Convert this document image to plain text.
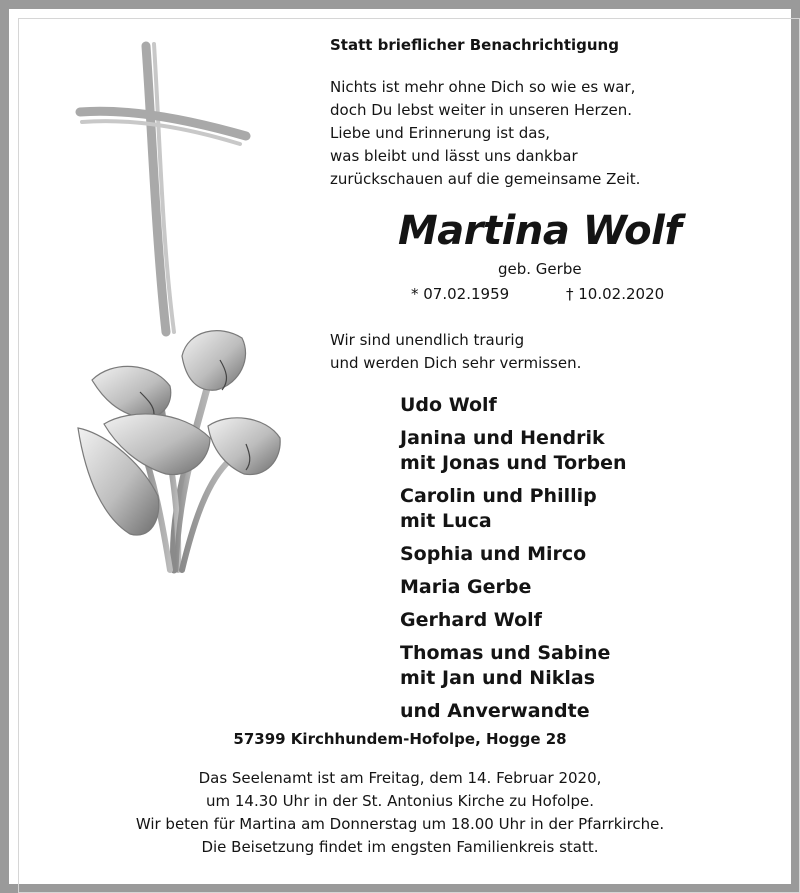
Statt brieflicher Benachrichtigung
Nichts ist mehr ohne Dich so wie es war,
doch Du lebst weiter in unseren Herzen.
Liebe und Erinnerung ist das,
was bleibt und lässt uns dankbar
zurückschauen auf die gemeinsame Zeit.
Martina Wolf
geb. Gerbe
* 07.02.1959	† 10.02.2020
Wir sind unendlich traurig
und werden Dich sehr vermissen.
Udo Wolf
Janina und Hendrik
mit Jonas und Torben
Carolin und Phillip
mit Luca
Sophia und Mirco
Maria Gerbe
Gerhard Wolf
Thomas und Sabine
mit Jan und Niklas
und Anverwandte
57399 Kirchhundem-Hofolpe, Hogge 28
Das Seelenamt ist am Freitag, dem 14. Februar 2020,
um 14.30 Uhr in der St. Antonius Kirche zu Hofolpe.
Wir beten für Martina am Donnerstag um 18.00 Uhr in der Pfarrkirche.
Die Beisetzung findet im engsten Familienkreis statt.
